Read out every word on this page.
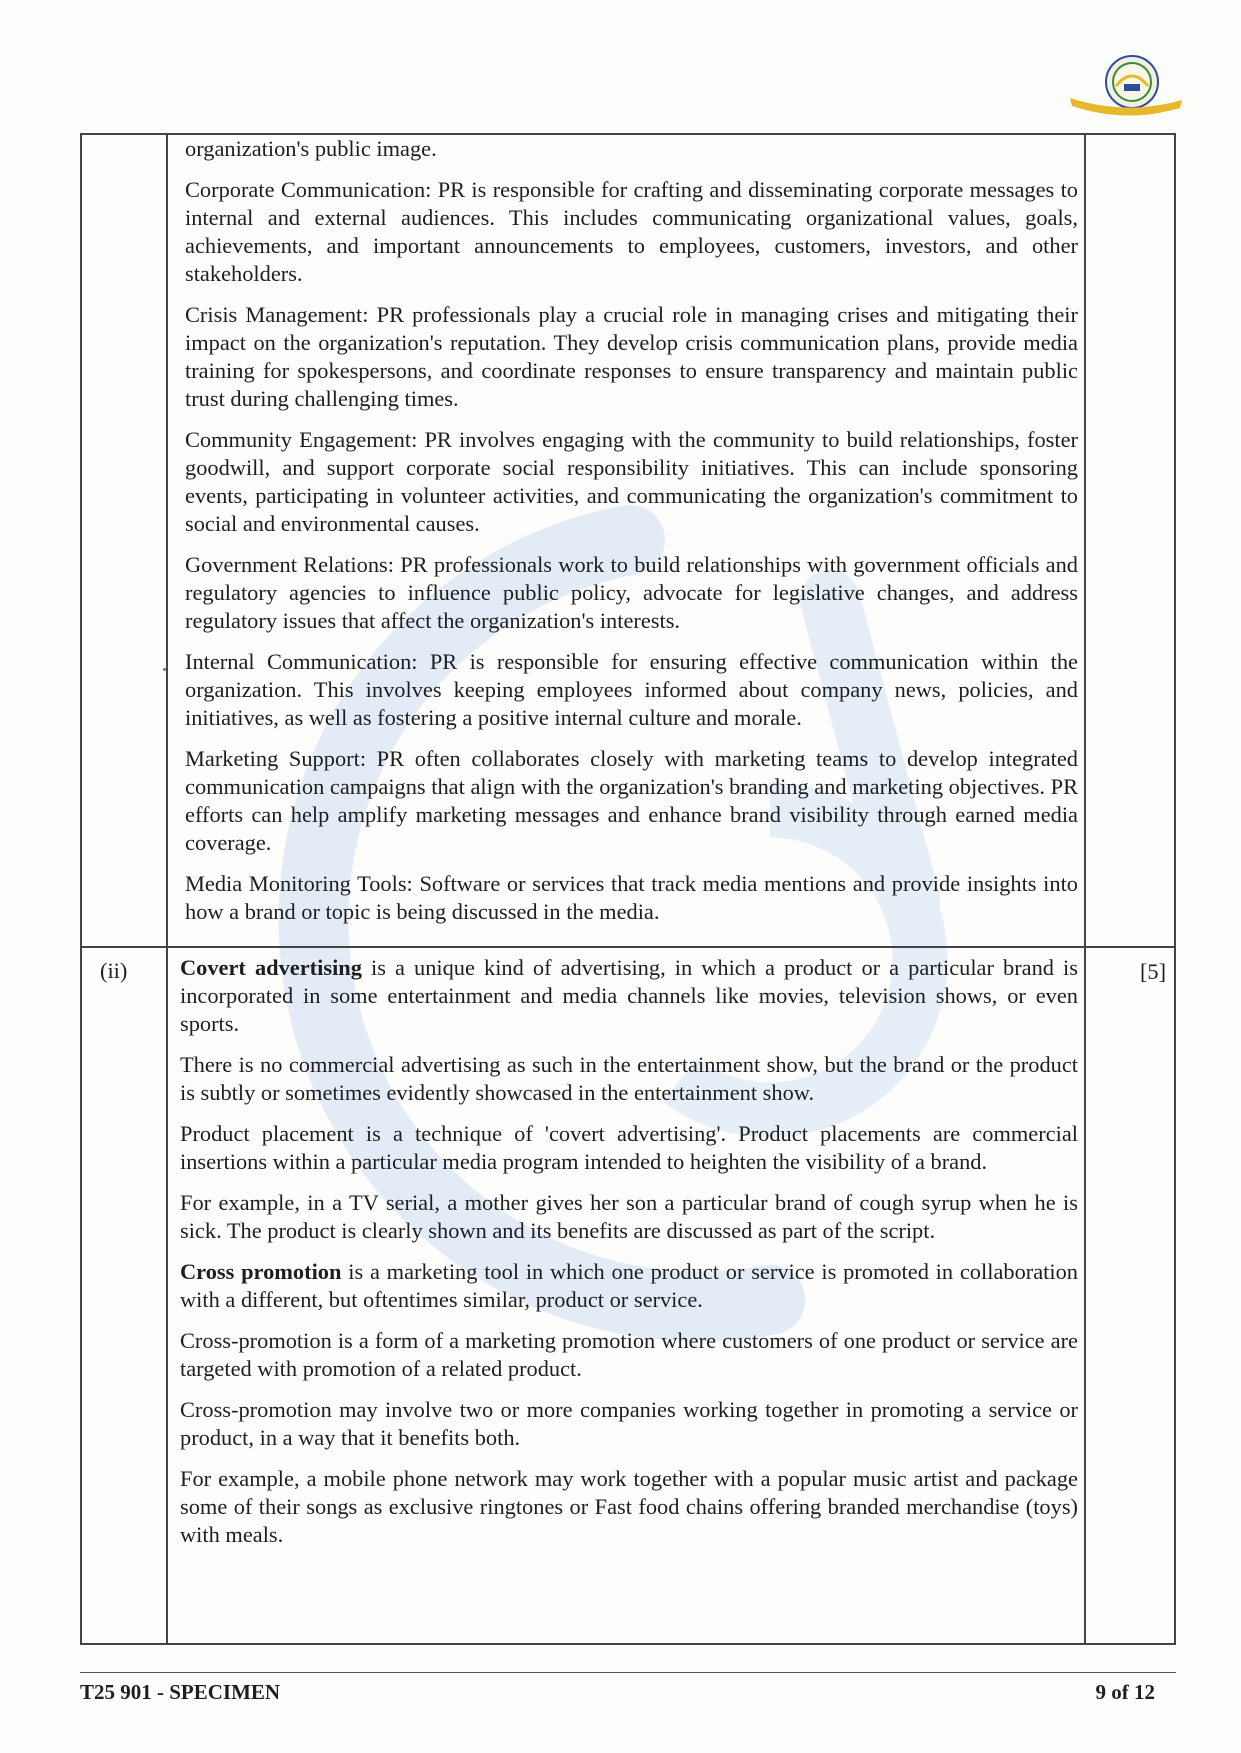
organization's public image.

Corporate Communication: PR is responsible for crafting and disseminating corporate messages to internal and external audiences. This includes communicating organizational values, goals, achievements, and important announcements to employees, customers, investors, and other stakeholders.

Crisis Management: PR professionals play a crucial role in managing crises and mitigating their impact on the organization's reputation. They develop crisis communication plans, provide media training for spokespersons, and coordinate responses to ensure transparency and maintain public trust during challenging times.

Community Engagement: PR involves engaging with the community to build relationships, foster goodwill, and support corporate social responsibility initiatives. This can include sponsoring events, participating in volunteer activities, and communicating the organization's commitment to social and environmental causes.

Government Relations: PR professionals work to build relationships with government officials and regulatory agencies to influence public policy, advocate for legislative changes, and address regulatory issues that affect the organization's interests.

Internal Communication: PR is responsible for ensuring effective communication within the organization. This involves keeping employees informed about company news, policies, and initiatives, as well as fostering a positive internal culture and morale.

Marketing Support: PR often collaborates closely with marketing teams to develop integrated communication campaigns that align with the organization's branding and marketing objectives. PR efforts can help amplify marketing messages and enhance brand visibility through earned media coverage.

Media Monitoring Tools: Software or services that track media mentions and provide insights into how a brand or topic is being discussed in the media.

(ii)	[5]

Covert advertising is a unique kind of advertising, in which a product or a particular brand is incorporated in some entertainment and media channels like movies, television shows, or even sports.

There is no commercial advertising as such in the entertainment show, but the brand or the product is subtly or sometimes evidently showcased in the entertainment show.

Product placement is a technique of 'covert advertising'. Product placements are commercial insertions within a particular media program intended to heighten the visibility of a brand.

For example, in a TV serial, a mother gives her son a particular brand of cough syrup when he is sick. The product is clearly shown and its benefits are discussed as part of the script.

Cross promotion is a marketing tool in which one product or service is promoted in collaboration with a different, but oftentimes similar, product or service.

Cross-promotion is a form of a marketing promotion where customers of one product or service are targeted with promotion of a related product.

Cross-promotion may involve two or more companies working together in promoting a service or product, in a way that it benefits both.

For example, a mobile phone network may work together with a popular music artist and package some of their songs as exclusive ringtones or Fast food chains offering branded merchandise (toys) with meals.

T25 901 - SPECIMEN	9 of 12
